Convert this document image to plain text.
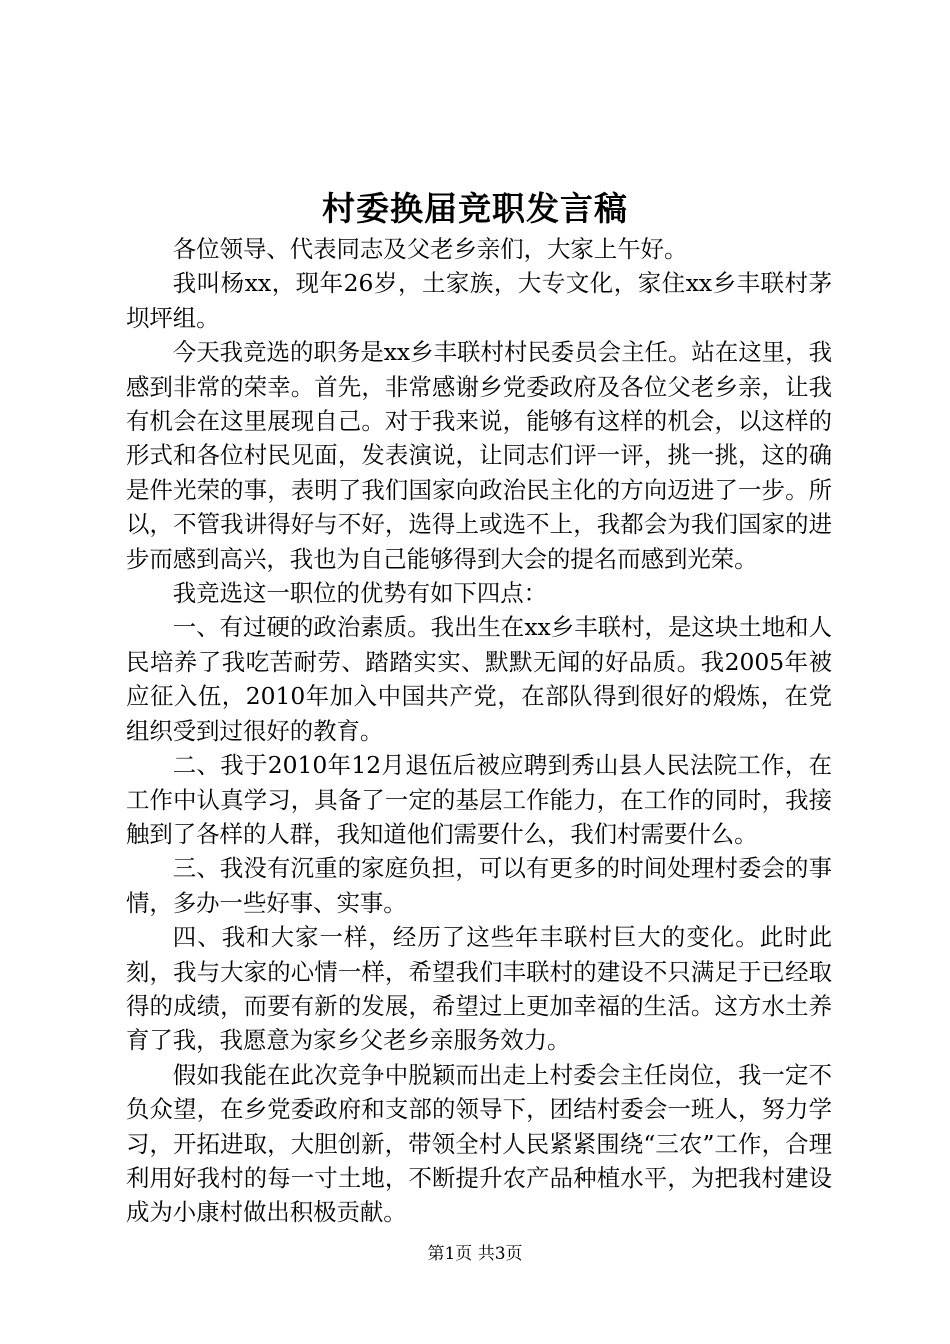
村委换届竞职发言稿

各位领导、代表同志及父老乡亲们，大家上午好。

我叫杨xx，现年26岁，土家族，大专文化，家住xx乡丰联村茅坝坪组。

今天我竞选的职务是xx乡丰联村村民委员会主任。站在这里，我感到非常的荣幸。首先，非常感谢乡党委政府及各位父老乡亲，让我有机会在这里展现自己。对于我来说，能够有这样的机会，以这样的形式和各位村民见面，发表演说，让同志们评一评，挑一挑，这的确是件光荣的事，表明了我们国家向政治民主化的方向迈进了一步。所以，不管我讲得好与不好，选得上或选不上，我都会为我们国家的进步而感到高兴，我也为自己能够得到大会的提名而感到光荣。

我竞选这一职位的优势有如下四点：

一、有过硬的政治素质。我出生在xx乡丰联村，是这块土地和人民培养了我吃苦耐劳、踏踏实实、默默无闻的好品质。我2005年被应征入伍，2010年加入中国共产党，在部队得到很好的煅炼，在党组织受到过很好的教育。

二、我于2010年12月退伍后被应聘到秀山县人民法院工作，在工作中认真学习，具备了一定的基层工作能力，在工作的同时，我接触到了各样的人群，我知道他们需要什么，我们村需要什么。

三、我没有沉重的家庭负担，可以有更多的时间处理村委会的事情，多办一些好事、实事。

四、我和大家一样，经历了这些年丰联村巨大的变化。此时此刻，我与大家的心情一样，希望我们丰联村的建设不只满足于已经取得的成绩，而要有新的发展，希望过上更加幸福的生活。这方水土养育了我，我愿意为家乡父老乡亲服务效力。

假如我能在此次竞争中脱颖而出走上村委会主任岗位，我一定不负众望，在乡党委政府和支部的领导下，团结村委会一班人，努力学习，开拓进取，大胆创新，带领全村人民紧紧围绕“三农”工作，合理利用好我村的每一寸土地，不断提升农产品种植水平，为把我村建设成为小康村做出积极贡献。

第1页 共3页
